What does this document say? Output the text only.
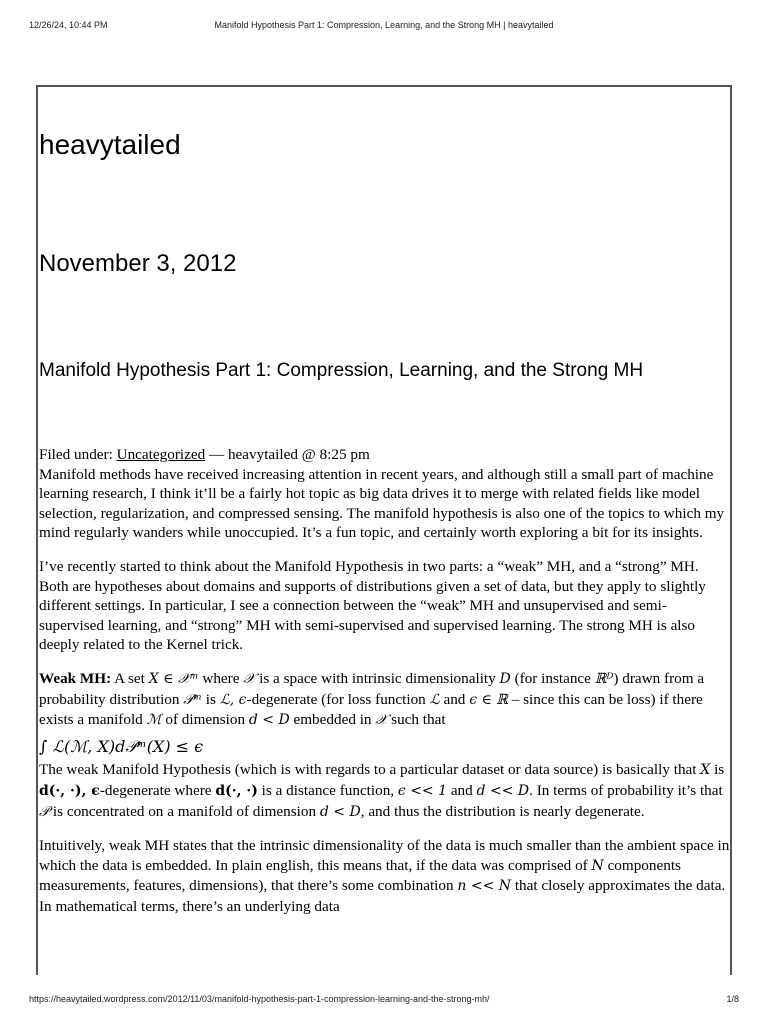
12/26/24, 10:44 PM	Manifold Hypothesis Part 1: Compression, Learning, and the Strong MH | heavytailed
heavytailed
November 3, 2012
Manifold Hypothesis Part 1: Compression, Learning, and the Strong MH

Filed under: Uncategorized — heavytailed @ 8:25 pm

Manifold methods have received increasing attention in recent years, and although still a small part of machine learning research, I think it’ll be a fairly hot topic as big data drives it to merge with related fields like model selection, regularization, and compressed sensing. The manifold hypothesis is also one of the topics to which my mind regularly wanders while unoccupied. It’s a fun topic, and certainly worth exploring a bit for its insights.

I’ve recently started to think about the Manifold Hypothesis in two parts: a “weak” MH, and a “strong” MH. Both are hypotheses about domains and supports of distributions given a set of data, but they apply to slightly different settings. In particular, I see a connection between the “weak” MH and unsupervised and semi-supervised learning, and “strong” MH with semi-supervised and supervised learning. The strong MH is also deeply related to the Kernel trick.

Weak MH: A set X ∈ 𝒳ᵐ where 𝒳 is a space with intrinsic dimensionality D (for instance ℝᴰ) drawn from a probability distribution 𝒫ᵐ is ℒ, ϵ-degenerate (for loss function ℒ and ϵ ∈ ℝ – since this can be loss) if there exists a manifold ℳ of dimension d < D embedded in 𝒳 such that

∫ ℒ(ℳ, X)d𝒫ᵐ(X) ≤ ϵ

The weak Manifold Hypothesis (which is with regards to a particular dataset or data source) is basically that X is d(·, ·), ϵ-degenerate where d(·, ·) is a distance function, ϵ << 1 and d << D. In terms of probability it’s that 𝒫 is concentrated on a manifold of dimension d < D, and thus the distribution is nearly degenerate.

Intuitively, weak MH states that the intrinsic dimensionality of the data is much smaller than the ambient space in which the data is embedded. In plain english, this means that, if the data was comprised of N components measurements, features, dimensions), that there’s some combination n << N that closely approximates the data. In mathematical terms, there’s an underlying data

https://heavytailed.wordpress.com/2012/11/03/manifold-hypothesis-part-1-compression-learning-and-the-strong-mh/	1/8
